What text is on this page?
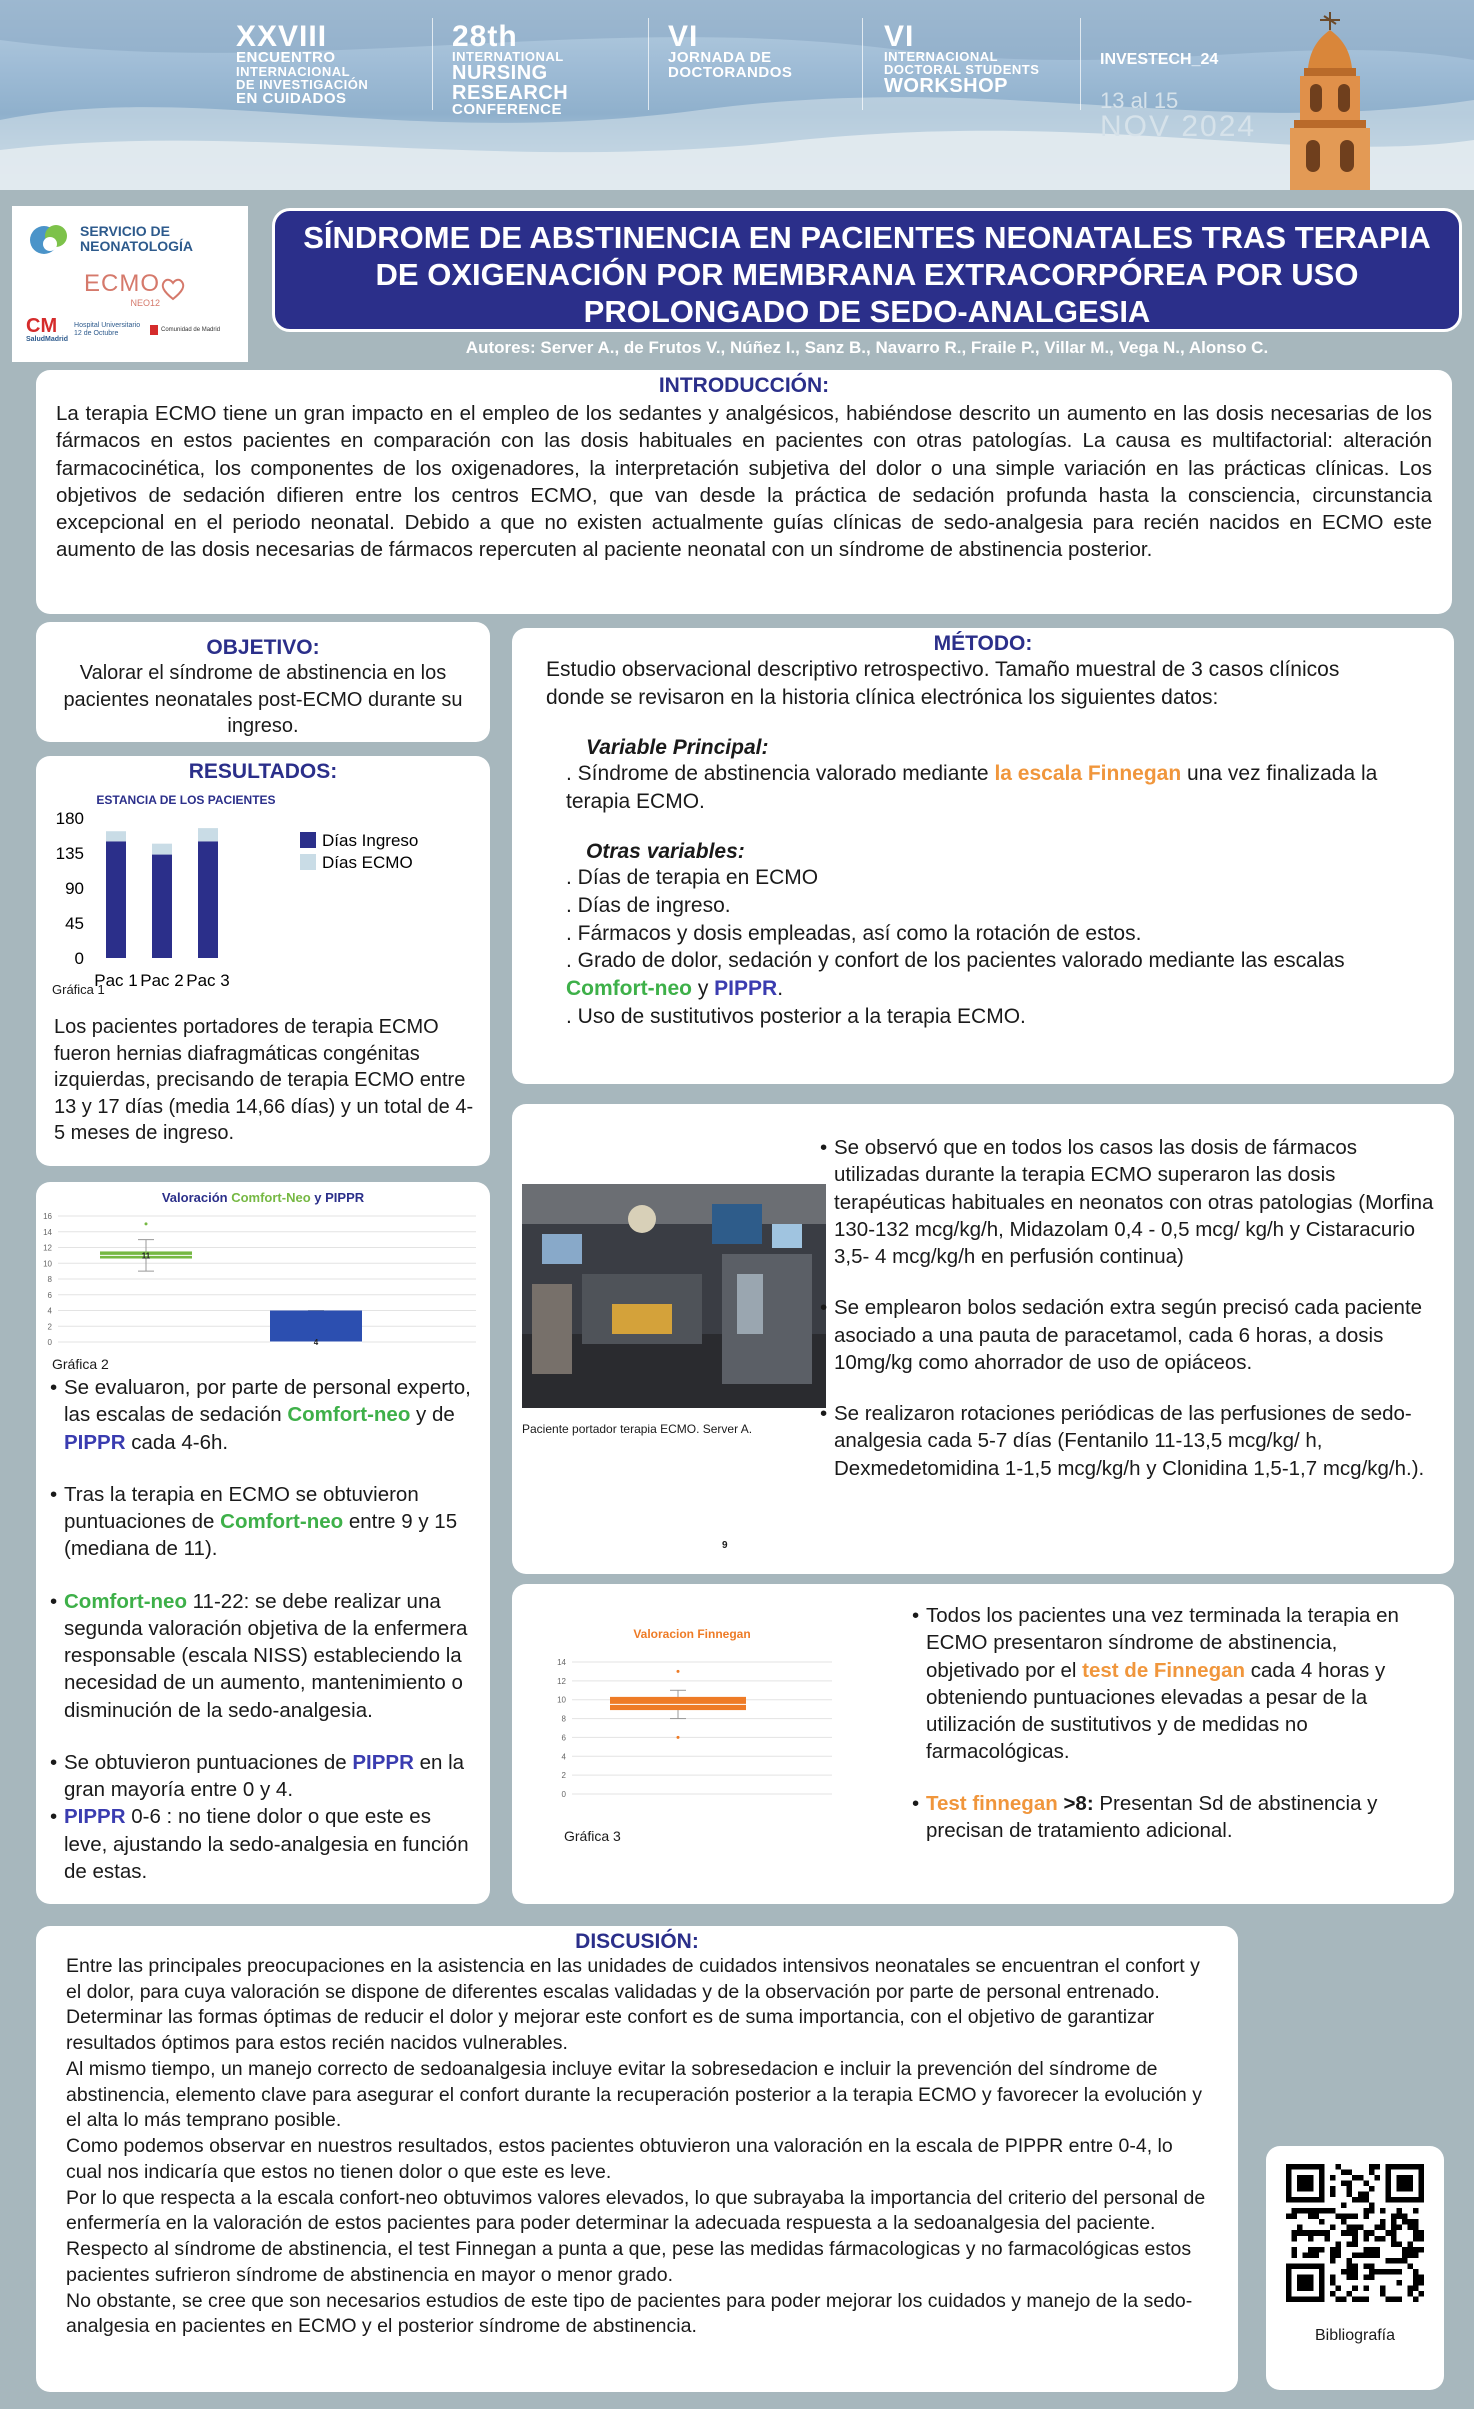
XXVIII
ENCUENTRO
INTERNACIONAL
DE INVESTIGACIÓN
EN CUIDADOS
28th
INTERNATIONAL
NURSING
RESEARCH
CONFERENCE
VI
JORNADA DE
DOCTORANDOS
VI
INTERNACIONAL
DOCTORAL STUDENTS
WORKSHOP
INVESTECH_24
13 al 15
NOV 2024
SERVICIO DE
NEONATOLOGÍA
ECMO
NEO12
CM
SaludMadrid
Hospital Universitario 12 de Octubre	Comunidad de Madrid
SÍNDROME DE ABSTINENCIA EN PACIENTES NEONATALES TRAS TERAPIA DE OXIGENACIÓN POR MEMBRANA EXTRACORPÓREA POR USO PROLONGADO DE SEDO-ANALGESIA
Autores: Server A., de Frutos V., Núñez I., Sanz B., Navarro R., Fraile P., Villar M., Vega N., Alonso C.
INTRODUCCIÓN:
La terapia ECMO tiene un gran impacto en el empleo de los sedantes y analgésicos, habiéndose descrito un aumento en las dosis necesarias de los fármacos en estos pacientes en comparación con las dosis habituales en pacientes con otras patologías. La causa es multifactorial: alteración farmacocinética, los componentes de los oxigenadores, la interpretación subjetiva del dolor o una simple variación en las prácticas clínicas. Los objetivos de sedación difieren entre los centros ECMO, que van desde la práctica de sedación profunda hasta la consciencia, circunstancia excepcional en el periodo neonatal. Debido a que no existen actualmente guías clínicas de sedo-analgesia para recién nacidos en ECMO este aumento de las dosis necesarias de fármacos repercuten al paciente neonatal con un síndrome de abstinencia posterior.
OBJETIVO:
Valorar el síndrome de abstinencia en los pacientes neonatales post-ECMO durante su ingreso.
RESULTADOS:
ESTANCIA DE LOS PACIENTES
0
45
90
135
180
Pac 1 Pac 2 Pac 3
Días Ingreso
Días ECMO
Gráfica 1
Los pacientes portadores de terapia ECMO fueron hernias diafragmáticas congénitas izquierdas, precisando de terapia ECMO entre 13 y 17 días (media 14,66 días) y un total de 4-5 meses de ingreso.
Valoración Comfort-Neo y PIPPR
0
2
4
6
8
10
12
14
16
11
4
Gráfica 2
• Se evaluaron, por parte de personal experto, las escalas de sedación Comfort-neo y de PIPPR cada 4-6h.
• Tras la terapia en ECMO se obtuvieron puntuaciones de Comfort-neo entre 9 y 15 (mediana de 11).
• Comfort-neo 11-22: se debe realizar una segunda valoración objetiva de la enfermera responsable (escala NISS) estableciendo la necesidad de un aumento, mantenimiento o disminución de la sedo-analgesia.
• Se obtuvieron puntuaciones de PIPPR en la gran mayoría entre 0 y 4.
• PIPPR 0-6 : no tiene dolor o que este es leve, ajustando la sedo-analgesia en función de estas.
MÉTODO:
Estudio observacional descriptivo retrospectivo. Tamaño muestral de 3 casos clínicos donde se revisaron en la historia clínica electrónica los siguientes datos:
Variable Principal:
. Síndrome de abstinencia valorado mediante la escala Finnegan una vez finalizada la terapia ECMO.
Otras variables:
. Días de terapia en ECMO
. Días de ingreso.
. Fármacos y dosis empleadas, así como la rotación de estos.
. Grado de dolor, sedación y confort de los pacientes valorado mediante las escalas Comfort-neo y PIPPR.
. Uso de sustitutivos posterior a la terapia ECMO.
Paciente portador terapia ECMO. Server A.
9
• Se observó que en todos los casos las dosis de fármacos utilizadas durante la terapia ECMO superaron las dosis terapéuticas habituales en neonatos con otras patologias (Morfina 130-132 mcg/kg/h, Midazolam 0,4 - 0,5 mcg/ kg/h y Cistaracurio 3,5- 4 mcg/kg/h en perfusión continua)
• Se emplearon bolos sedación extra según precisó cada paciente asociado a una pauta de paracetamol, cada 6 horas, a dosis 10mg/kg como ahorrador de uso de opiáceos.
• Se realizaron rotaciones periódicas de las perfusiones de sedo-analgesia cada 5-7 días (Fentanilo 11-13,5 mcg/kg/ h, Dexmedetomidina 1-1,5 mcg/kg/h y Clonidina 1,5-1,7 mcg/kg/h.).
Valoracion Finnegan
0
2
4
6
8
10
12
14
Gráfica 3
• Todos los pacientes una vez terminada la terapia en ECMO presentaron síndrome de abstinencia, objetivado por el test de Finnegan cada 4 horas y obteniendo puntuaciones elevadas a pesar de la utilización de sustitutivos y de medidas no farmacológicas.
• Test finnegan >8: Presentan Sd de abstinencia y precisan de tratamiento adicional.
DISCUSIÓN:
Entre las principales preocupaciones en la asistencia en las unidades de cuidados intensivos neonatales se encuentran el confort y el dolor, para cuya valoración se dispone de diferentes escalas validadas y de la observación por parte de personal entrenado.
Determinar las formas óptimas de reducir el dolor y mejorar este confort es de suma importancia, con el objetivo de garantizar resultados óptimos para estos recién nacidos vulnerables.
Al mismo tiempo, un manejo correcto de sedoanalgesia incluye evitar la sobresedacion e incluir la prevención del síndrome de abstinencia, elemento clave para asegurar el confort durante la recuperación posterior a la terapia ECMO y favorecer la evolución y el alta lo más temprano posible.
Como podemos observar en nuestros resultados, estos pacientes obtuvieron una valoración en la escala de PIPPR entre 0-4, lo cual nos indicaría que estos no tienen dolor o que este es leve.
Por lo que respecta a la escala confort-neo obtuvimos valores elevados, lo que subrayaba la importancia del criterio del personal de enfermería en la valoración de estos pacientes para poder determinar la adecuada respuesta a la sedoanalgesia del paciente.
Respecto al síndrome de abstinencia, el test Finnegan a punta a que, pese las medidas fármacologicas y no farmacológicas estos pacientes sufrieron síndrome de abstinencia en mayor o menor grado.
No obstante, se cree que son necesarios estudios de este tipo de pacientes para poder mejorar los cuidados y manejo de la sedo-analgesia en pacientes en ECMO y el posterior síndrome de abstinencia.	Bibliografía
